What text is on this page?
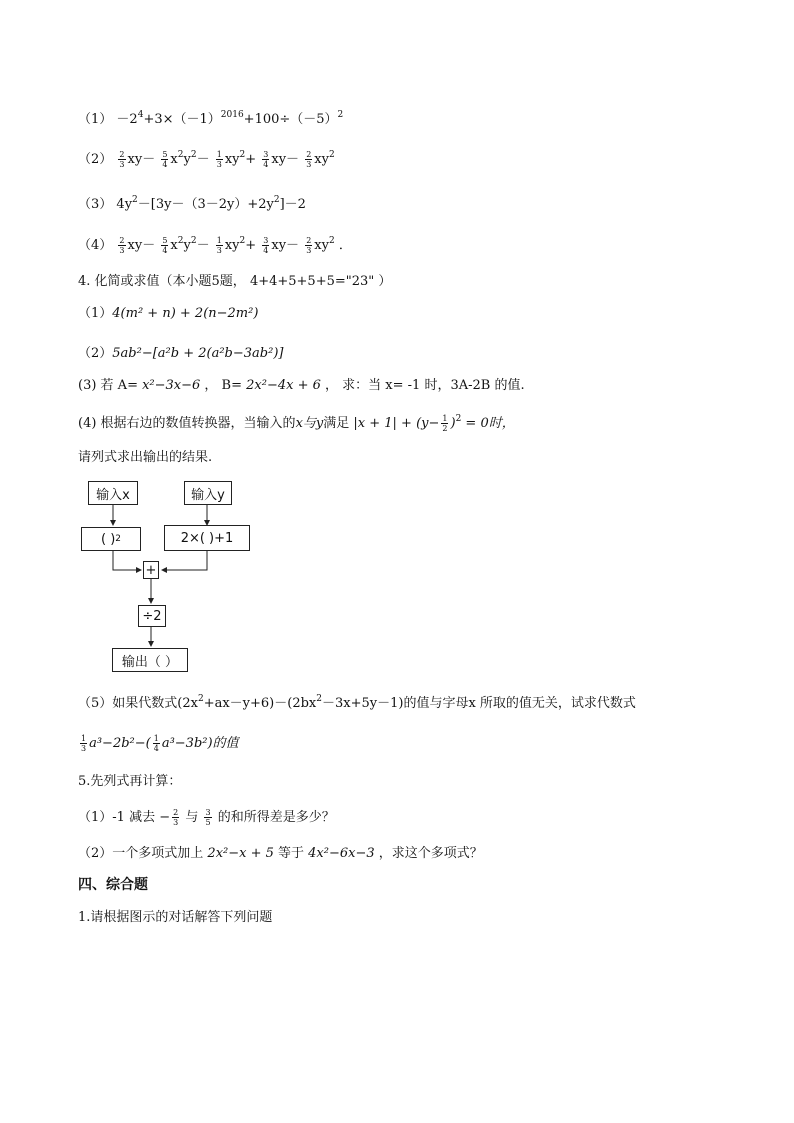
$(1) -2^4+3\times(-1)^{2016}+100\div(-5)^2$
$(2) \frac{2}{3} xy- \frac{5}{4} x^2y^2- \frac{1}{3} xy^2+ \frac{3}{4} xy- \frac{2}{3} xy^2$
（3） $4y^2-[3y-(3-2y)+2y^2]-2$
$(4) \frac{2}{3} xy- \frac{5}{4} x^2y^2- \frac{1}{3} xy^2+ \frac{3}{4} xy- \frac{2}{3} xy^2$ ．
4. 化简或求值（本小题5题， 4+4+5+5+5="23" ）
（1）4(m² + n) + 2(n−2m²)
（2）5ab²−[a²b + 2(a²b−3ab²)]
(3) 若 A= x²−3x−6 ， B= 2x²−4x + 6 ， 求：当 x= -1 时，3A-2B 的值.
(4) 根据右边的数值转换器，当输入的x与y满足 $|x + 1| + (y- \frac{1}{2} )^2 = 0$时，
请列式求出输出的结果.
输入x	输入y
( ) 2	2×( )+1
+
÷2
输出（ ）
（5）如果代数式$(2x^2+ax-y+6)-(2bx^2-3x+5y-1)$的值与字母x 所取的值无关，试求代数式
$\frac{1}{3} a^3-2b^2-( \frac{1}{4} a^3-3b^2)$的值
5.先列式再计算：
（1）-1 减去 − $\frac{2}{3}$ 与 $\frac{3}{5}$ 的和所得差是多少？
（2）一个多项式加上 2x²−x + 5 等于 4x²−6x−3 ，求这个多项式？
四、综合题
1.请根据图示的对话解答下列问题
